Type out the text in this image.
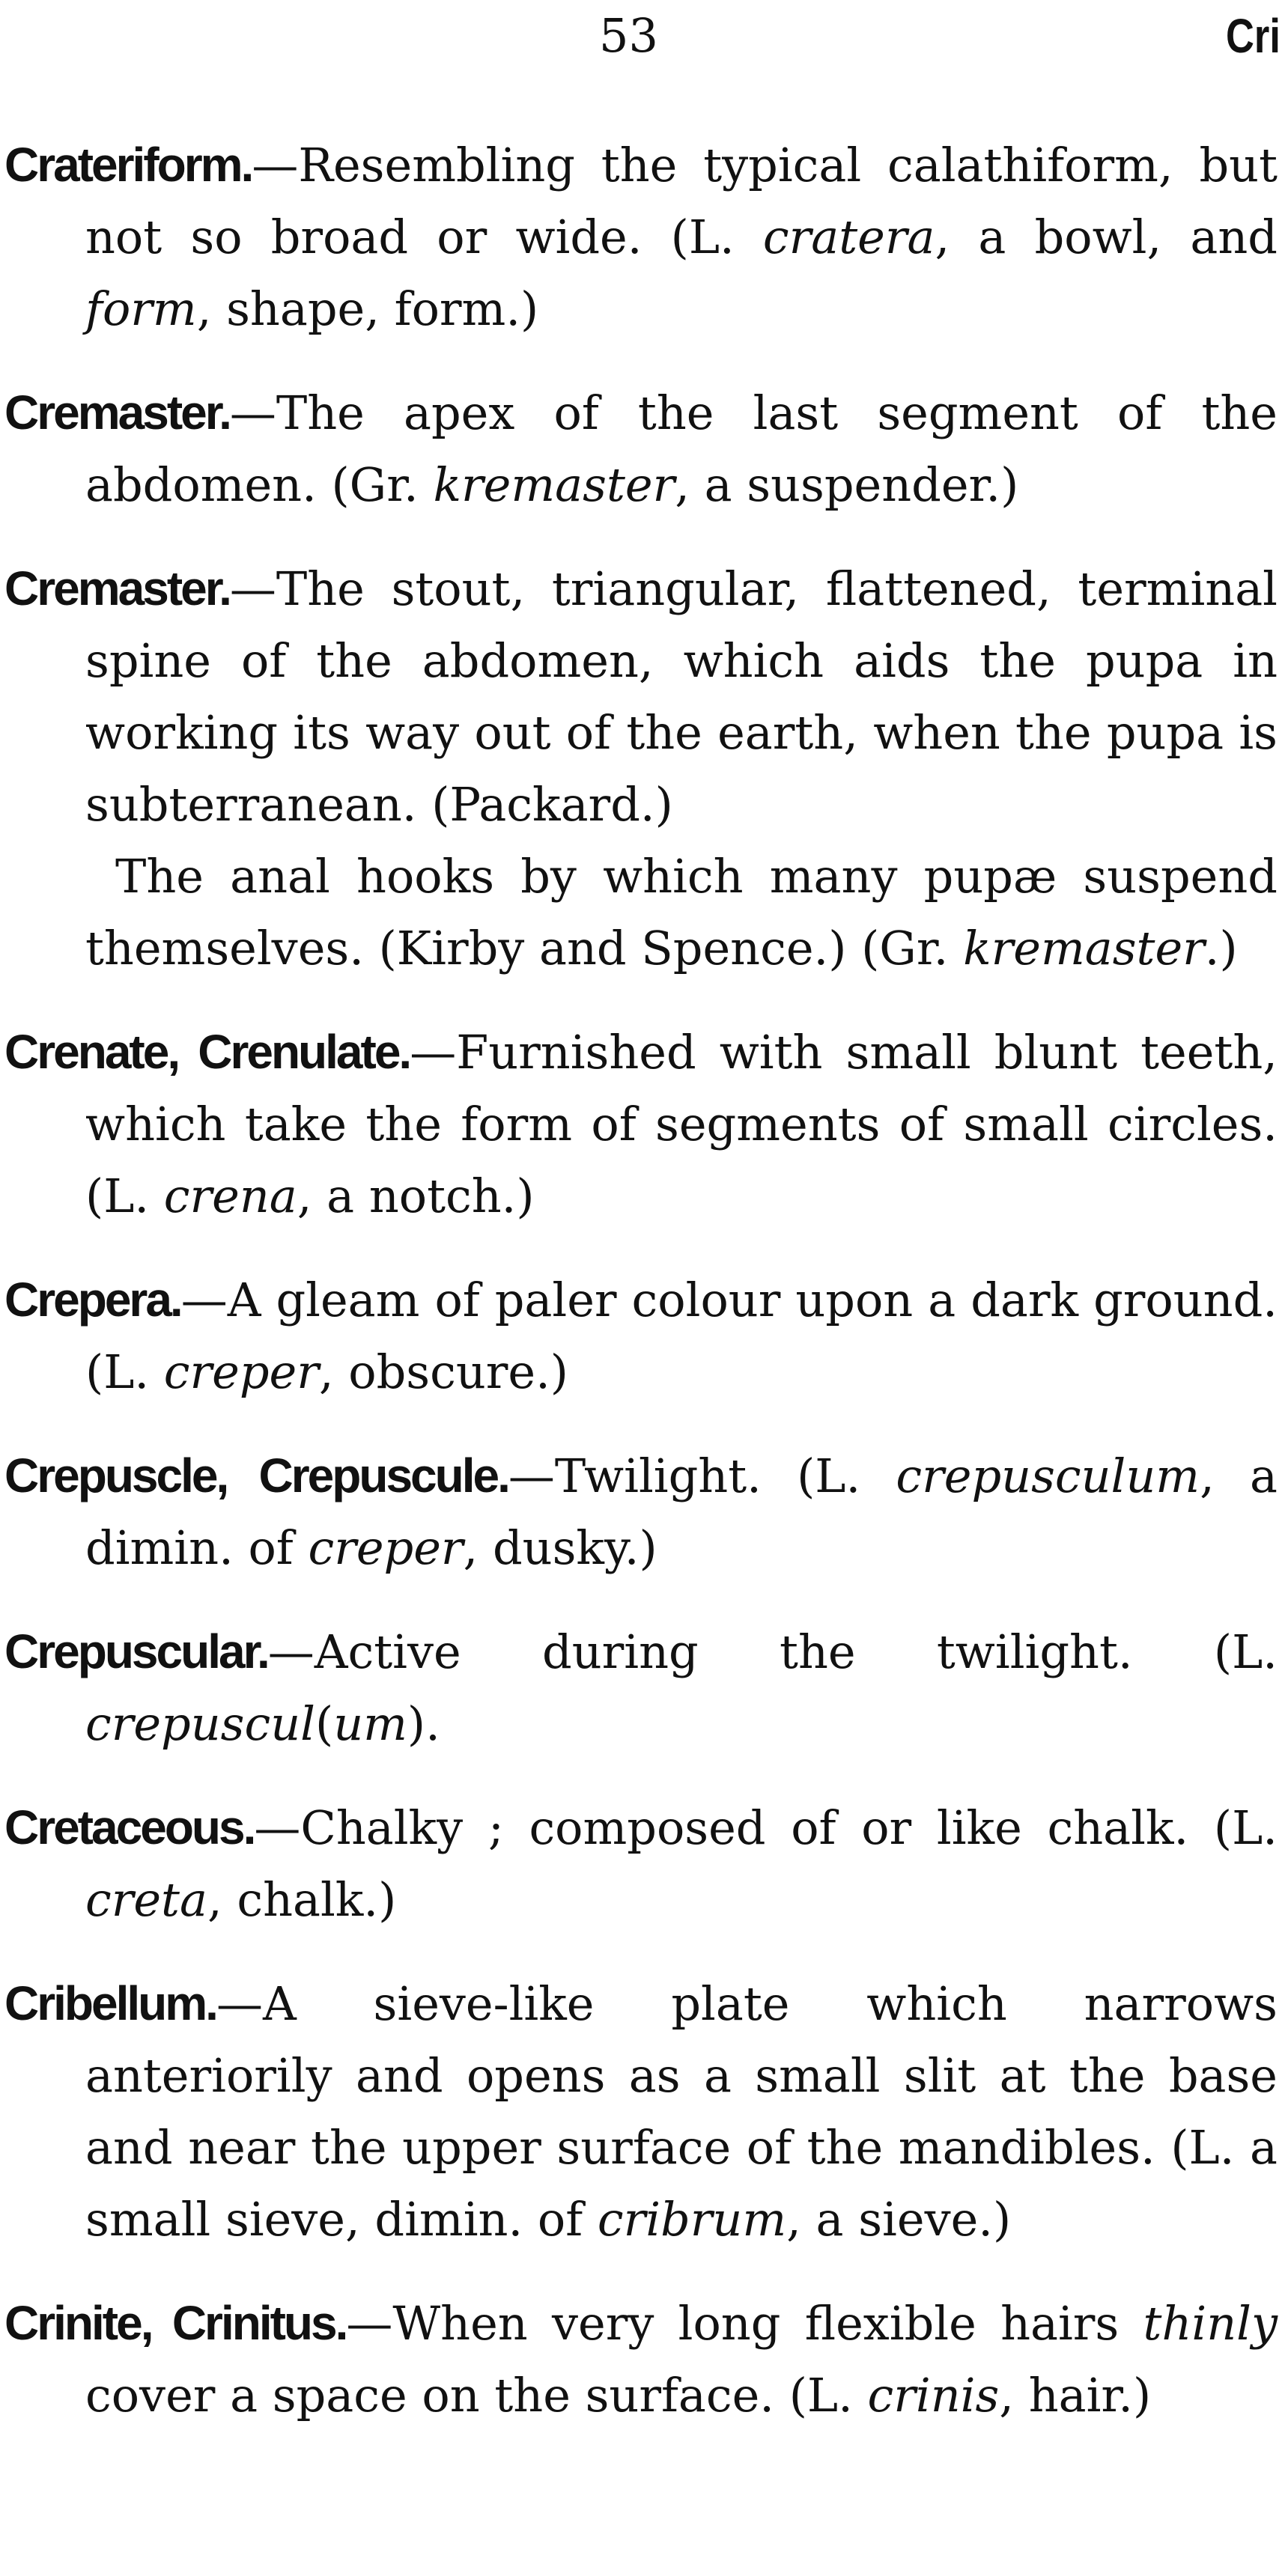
53	Cri

Crateriform.—Resembling the typical calathiform, but not so broad or wide. (L. cratera, a bowl, and form, shape, form.)

Cremaster.—The apex of the last segment of the abdomen. (Gr. kremaster, a suspender.)

Cremaster.—The stout, triangular, flattened, terminal spine of the abdomen, which aids the pupa in working its way out of the earth, when the pupa is subterranean. (Packard.)
The anal hooks by which many pupæ suspend themselves. (Kirby and Spence.) (Gr. kremaster.)

Crenate, Crenulate.—Furnished with small blunt teeth, which take the form of segments of small circles. (L. crena, a notch.)

Crepera.—A gleam of paler colour upon a dark ground. (L. creper, obscure.)

Crepuscle, Crepuscule.—Twilight. (L. crepusculum, a dimin. of creper, dusky.)

Crepuscular.—Active during the twilight. (L. crepuscul(um).

Cretaceous.—Chalky ; composed of or like chalk. (L. creta, chalk.)

Cribellum.—A sieve-like plate which narrows anteriorily and opens as a small slit at the base and near the upper surface of the mandibles. (L. a small sieve, dimin. of cribrum, a sieve.)

Crinite, Crinitus.—When very long flexible hairs thinly cover a space on the surface. (L. crinis, hair.)
